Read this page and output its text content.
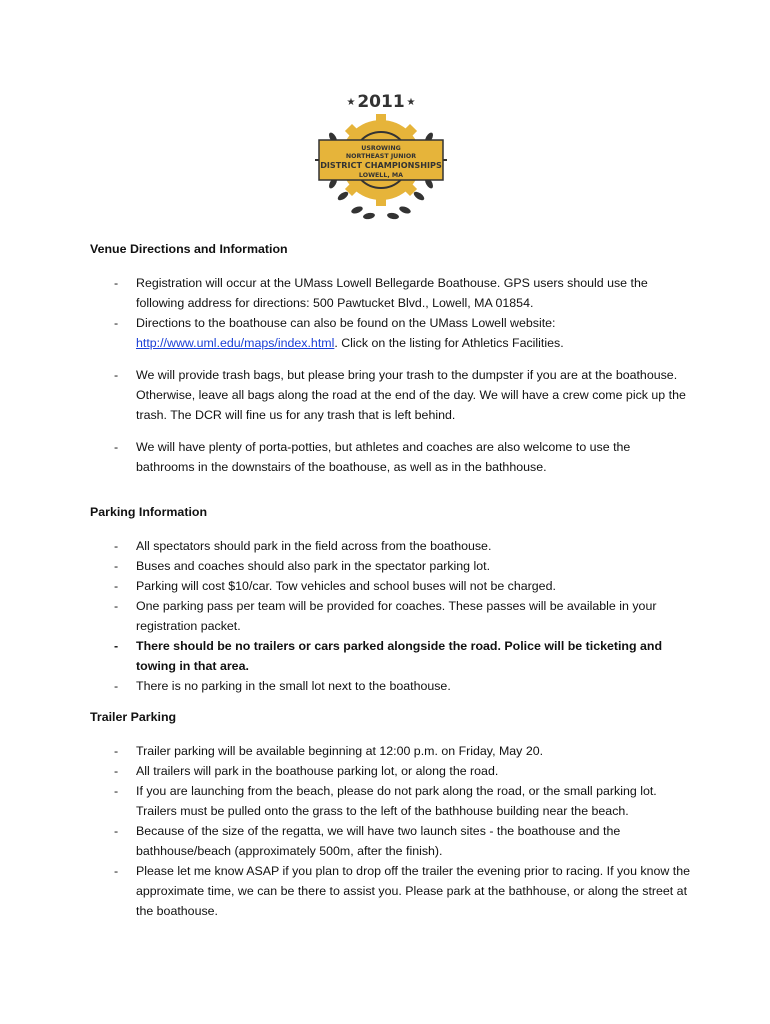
★	★
2011
USROWING
NORTHEAST JUNIOR
DISTRICT CHAMPIONSHIPS
LOWELL, MA
Venue Directions and Information
- Registration will occur at the UMass Lowell Bellegarde Boathouse. GPS users should use the following address for directions: 500 Pawtucket Blvd., Lowell, MA 01854.
- Directions to the boathouse can also be found on the UMass Lowell website: http://www.uml.edu/maps/index.html. Click on the listing for Athletics Facilities.
- We will provide trash bags, but please bring your trash to the dumpster if you are at the boathouse. Otherwise, leave all bags along the road at the end of the day. We will have a crew come pick up the trash. The DCR will fine us for any trash that is left behind.
- We will have plenty of porta-potties, but athletes and coaches are also welcome to use the bathrooms in the downstairs of the boathouse, as well as in the bathhouse.
Parking Information
- All spectators should park in the field across from the boathouse.
- Buses and coaches should also park in the spectator parking lot.
- Parking will cost $10/car. Tow vehicles and school buses will not be charged.
- One parking pass per team will be provided for coaches. These passes will be available in your registration packet.
- There should be no trailers or cars parked alongside the road. Police will be ticketing and towing in that area.
- There is no parking in the small lot next to the boathouse.
Trailer Parking
- Trailer parking will be available beginning at 12:00 p.m. on Friday, May 20.
- All trailers will park in the boathouse parking lot, or along the road.
- If you are launching from the beach, please do not park along the road, or the small parking lot. Trailers must be pulled onto the grass to the left of the bathhouse building near the beach.
- Because of the size of the regatta, we will have two launch sites - the boathouse and the bathhouse/beach (approximately 500m, after the finish).
- Please let me know ASAP if you plan to drop off the trailer the evening prior to racing. If you know the approximate time, we can be there to assist you. Please park at the bathhouse, or along the street at the boathouse.
